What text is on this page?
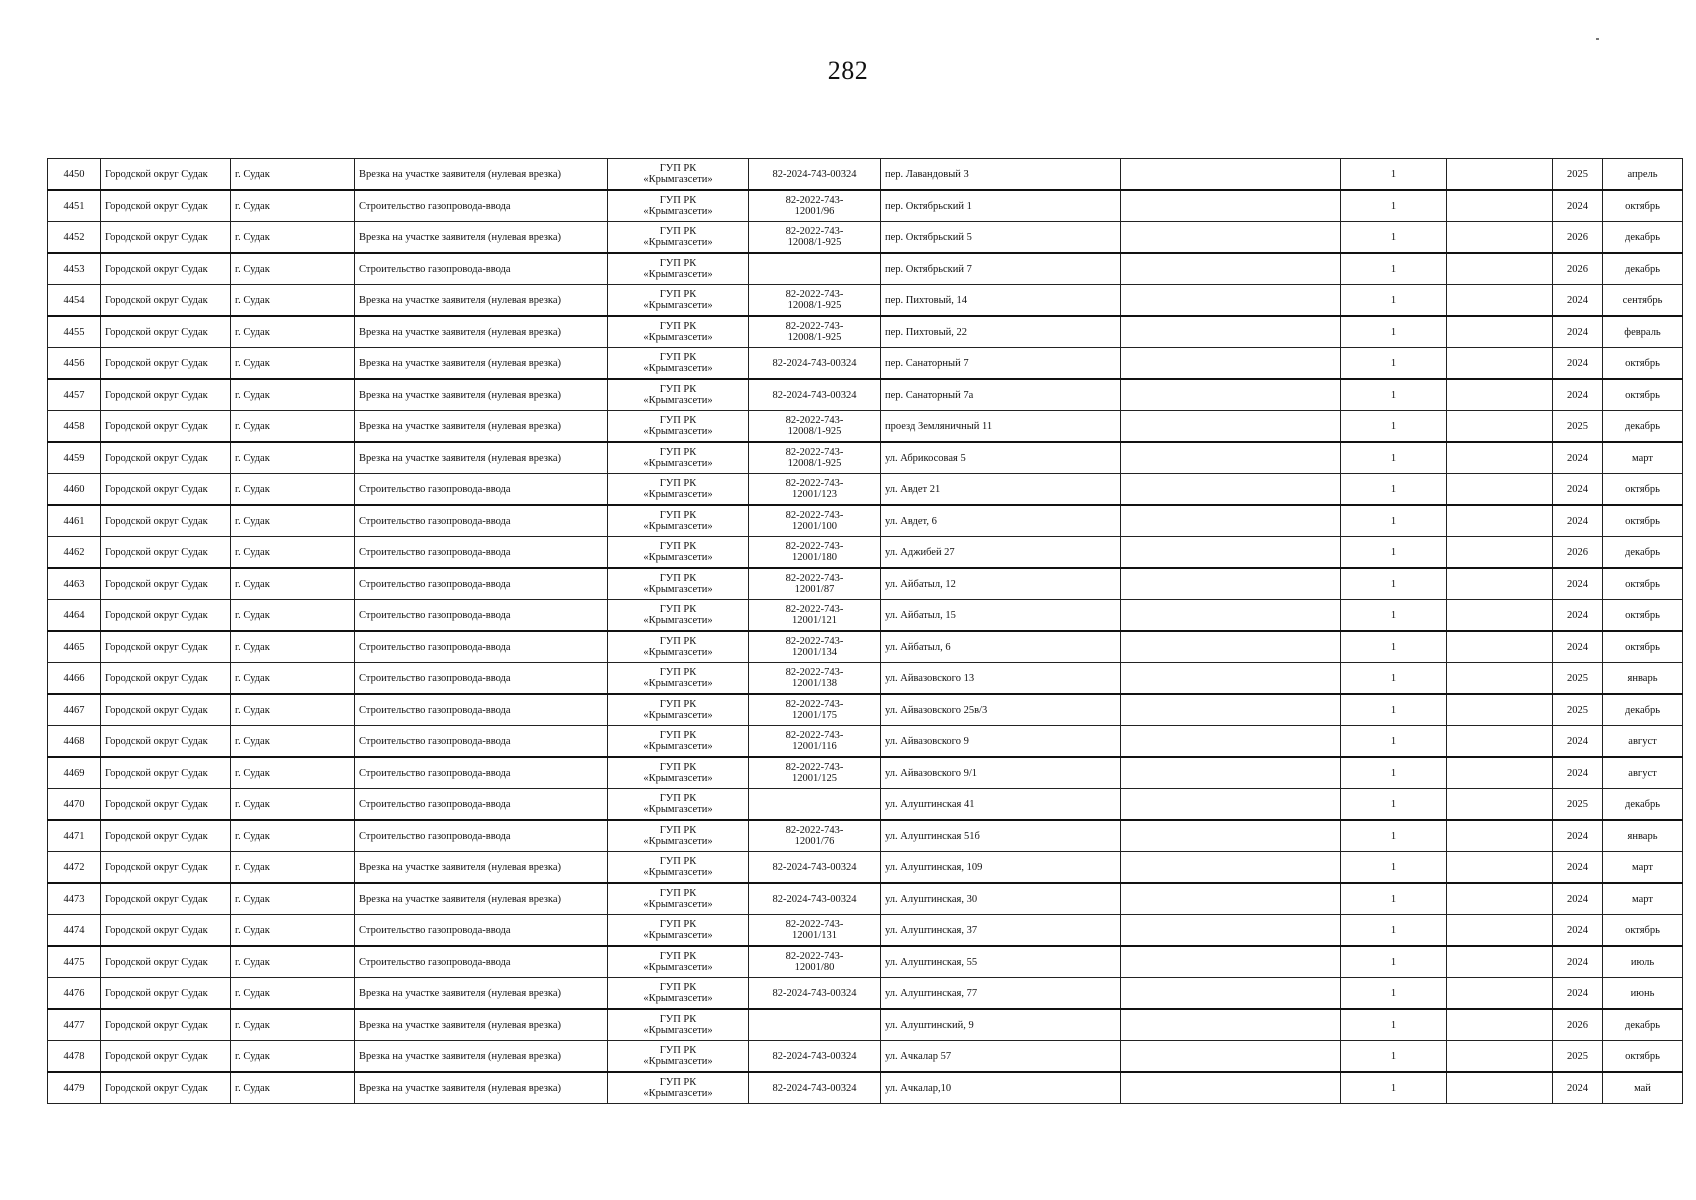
282
4450	Городской округ Судак	г. Судак	Врезка на участке заявителя (нулевая врезка)	ГУП РК
«Крымгазсети»	82-2024-743-00324	пер. Лавандовый 3		1		2025	апрель
4451	Городской округ Судак	г. Судак	Строительство газопровода-ввода	ГУП РК
«Крымгазсети»	82-2022-743-
12001/96	пер. Октябрьский 1		1		2024	октябрь
4452	Городской округ Судак	г. Судак	Врезка на участке заявителя (нулевая врезка)	ГУП РК
«Крымгазсети»	82-2022-743-
12008/1-925	пер. Октябрьский 5		1		2026	декабрь
4453	Городской округ Судак	г. Судак	Строительство газопровода-ввода	ГУП РК
«Крымгазсети»		пер. Октябрьский 7		1		2026	декабрь
4454	Городской округ Судак	г. Судак	Врезка на участке заявителя (нулевая врезка)	ГУП РК
«Крымгазсети»	82-2022-743-
12008/1-925	пер. Пихтовый, 14		1		2024	сентябрь
4455	Городской округ Судак	г. Судак	Врезка на участке заявителя (нулевая врезка)	ГУП РК
«Крымгазсети»	82-2022-743-
12008/1-925	пер. Пихтовый, 22		1		2024	февраль
4456	Городской округ Судак	г. Судак	Врезка на участке заявителя (нулевая врезка)	ГУП РК
«Крымгазсети»	82-2024-743-00324	пер. Санаторный 7		1		2024	октябрь
4457	Городской округ Судак	г. Судак	Врезка на участке заявителя (нулевая врезка)	ГУП РК
«Крымгазсети»	82-2024-743-00324	пер. Санаторный 7а		1		2024	октябрь
4458	Городской округ Судак	г. Судак	Врезка на участке заявителя (нулевая врезка)	ГУП РК
«Крымгазсети»	82-2022-743-
12008/1-925	проезд Земляничный 11		1		2025	декабрь
4459	Городской округ Судак	г. Судак	Врезка на участке заявителя (нулевая врезка)	ГУП РК
«Крымгазсети»	82-2022-743-
12008/1-925	ул. Абрикосовая 5		1		2024	март
4460	Городской округ Судак	г. Судак	Строительство газопровода-ввода	ГУП РК
«Крымгазсети»	82-2022-743-
12001/123	ул. Авдет 21		1		2024	октябрь
4461	Городской округ Судак	г. Судак	Строительство газопровода-ввода	ГУП РК
«Крымгазсети»	82-2022-743-
12001/100	ул. Авдет, 6		1		2024	октябрь
4462	Городской округ Судак	г. Судак	Строительство газопровода-ввода	ГУП РК
«Крымгазсети»	82-2022-743-
12001/180	ул. Аджибей 27		1		2026	декабрь
4463	Городской округ Судак	г. Судак	Строительство газопровода-ввода	ГУП РК
«Крымгазсети»	82-2022-743-
12001/87	ул. Айбатыл, 12		1		2024	октябрь
4464	Городской округ Судак	г. Судак	Строительство газопровода-ввода	ГУП РК
«Крымгазсети»	82-2022-743-
12001/121	ул. Айбатыл, 15		1		2024	октябрь
4465	Городской округ Судак	г. Судак	Строительство газопровода-ввода	ГУП РК
«Крымгазсети»	82-2022-743-
12001/134	ул. Айбатыл, 6		1		2024	октябрь
4466	Городской округ Судак	г. Судак	Строительство газопровода-ввода	ГУП РК
«Крымгазсети»	82-2022-743-
12001/138	ул. Айвазовского 13		1		2025	январь
4467	Городской округ Судак	г. Судак	Строительство газопровода-ввода	ГУП РК
«Крымгазсети»	82-2022-743-
12001/175	ул. Айвазовского 25в/3		1		2025	декабрь
4468	Городской округ Судак	г. Судак	Строительство газопровода-ввода	ГУП РК
«Крымгазсети»	82-2022-743-
12001/116	ул. Айвазовского 9		1		2024	август
4469	Городской округ Судак	г. Судак	Строительство газопровода-ввода	ГУП РК
«Крымгазсети»	82-2022-743-
12001/125	ул. Айвазовского 9/1		1		2024	август
4470	Городской округ Судак	г. Судак	Строительство газопровода-ввода	ГУП РК
«Крымгазсети»		ул. Алуштинская 41		1		2025	декабрь
4471	Городской округ Судак	г. Судак	Строительство газопровода-ввода	ГУП РК
«Крымгазсети»	82-2022-743-
12001/76	ул. Алуштинская 51б		1		2024	январь
4472	Городской округ Судак	г. Судак	Врезка на участке заявителя (нулевая врезка)	ГУП РК
«Крымгазсети»	82-2024-743-00324	ул. Алуштинская, 109		1		2024	март
4473	Городской округ Судак	г. Судак	Врезка на участке заявителя (нулевая врезка)	ГУП РК
«Крымгазсети»	82-2024-743-00324	ул. Алуштинская, 30		1		2024	март
4474	Городской округ Судак	г. Судак	Строительство газопровода-ввода	ГУП РК
«Крымгазсети»	82-2022-743-
12001/131	ул. Алуштинская, 37		1		2024	октябрь
4475	Городской округ Судак	г. Судак	Строительство газопровода-ввода	ГУП РК
«Крымгазсети»	82-2022-743-
12001/80	ул. Алуштинская, 55		1		2024	июль
4476	Городской округ Судак	г. Судак	Врезка на участке заявителя (нулевая врезка)	ГУП РК
«Крымгазсети»	82-2024-743-00324	ул. Алуштинская, 77		1		2024	июнь
4477	Городской округ Судак	г. Судак	Врезка на участке заявителя (нулевая врезка)	ГУП РК
«Крымгазсети»		ул. Алуштинский, 9		1		2026	декабрь
4478	Городской округ Судак	г. Судак	Врезка на участке заявителя (нулевая врезка)	ГУП РК
«Крымгазсети»	82-2024-743-00324	ул. Ачкалар 57		1		2025	октябрь
4479	Городской округ Судак	г. Судак	Врезка на участке заявителя (нулевая врезка)	ГУП РК
«Крымгазсети»	82-2024-743-00324	ул. Ачкалар,10		1		2024	май
